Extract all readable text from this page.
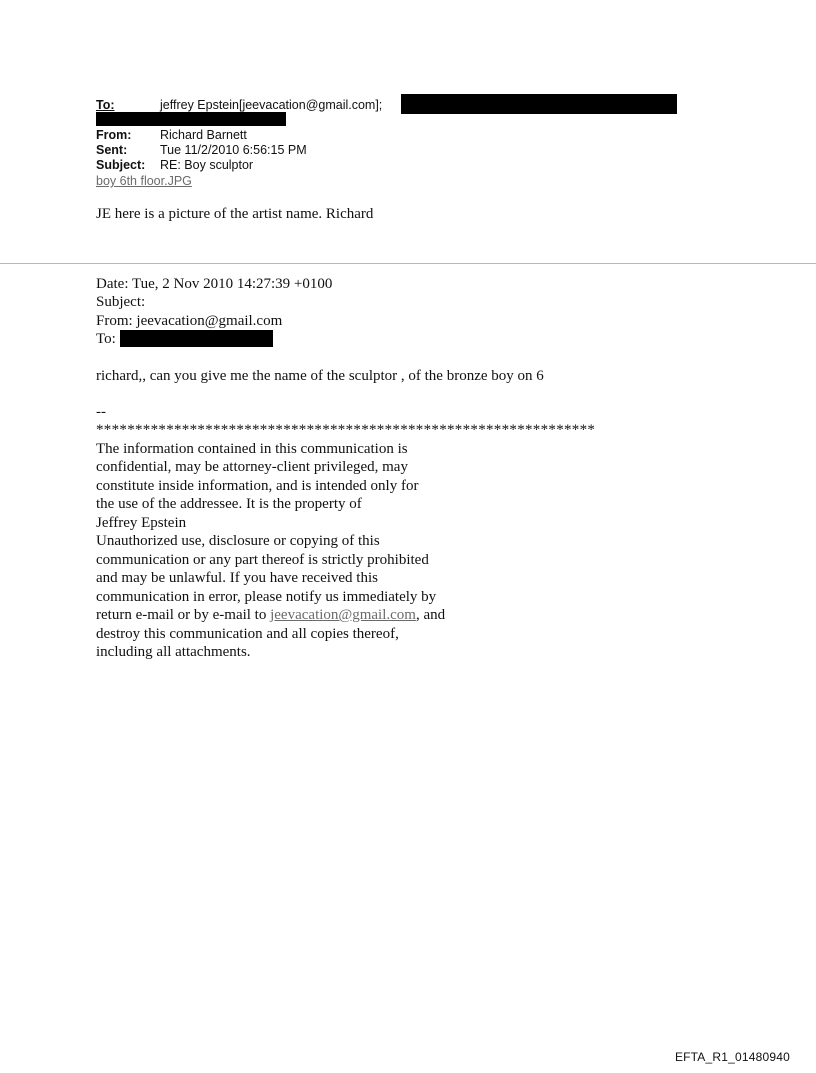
To:	jeffrey Epstein[jeevacation@gmail.com];
From: Richard Barnett
Sent:	Tue 11/2/2010 6:56:15 PM
Subject: RE: Boy sculptor
boy 6th floor.JPG
JE here is a picture of the artist name. Richard
Date: Tue, 2 Nov 2010 14:27:39 +0100
Subject:
From: jeevacation@gmail.com
To:
richard,, can you give me the name of the sculptor , of the bronze boy on 6
--
****************************************************************
The information contained in this communication is
confidential, may be attorney-client privileged, may
constitute inside information, and is intended only for
the use of the addressee. It is the property of
Jeffrey Epstein
Unauthorized use, disclosure or copying of this
communication or any part thereof is strictly prohibited
and may be unlawful. If you have received this
communication in error, please notify us immediately by
return e-mail or by e-mail to jeevacation@gmail.com, and
destroy this communication and all copies thereof,
including all attachments.
EFTA_R1_01480940
